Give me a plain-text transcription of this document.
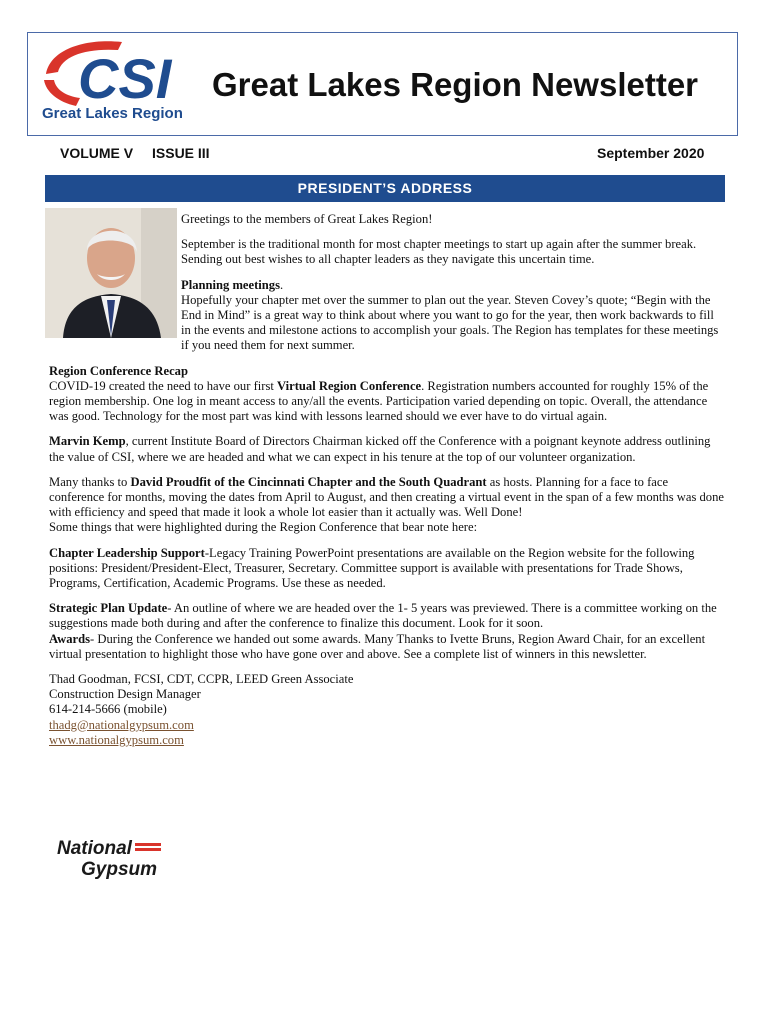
CSI
Great Lakes Region
Great Lakes Region Newsletter
VOLUME V ISSUE III	September 2020
PRESIDENT’S ADDRESS

Greetings to the members of Great Lakes Region!

September is the traditional month for most chapter meetings to start up again after the summer break. Sending out best wishes to all chapter leaders as they navigate this uncertain time.

Planning meetings.
Hopefully your chapter met over the summer to plan out the year. Steven Covey’s quote; “Begin with the End in Mind” is a great way to think about where you want to go for the year, then work backwards to fill in the events and milestone actions to accomplish your goals. The Region has templates for these meetings if you need them for next summer.

Region Conference Recap
COVID-19 created the need to have our first Virtual Region Conference. Registration numbers accounted for roughly 15% of the region membership. One log in meant access to any/all the events. Participation varied depending on topic. Overall, the attendance was good. Technology for the most part was kind with lessons learned should we ever have to do virtual again.

Marvin Kemp, current Institute Board of Directors Chairman kicked off the Conference with a poignant keynote address outlining the value of CSI, where we are headed and what we can expect in his tenure at the top of our volunteer organization.

Many thanks to David Proudfit of the Cincinnati Chapter and the South Quadrant as hosts. Planning for a face to face conference for months, moving the dates from April to August, and then creating a virtual event in the span of a few months was done with efficiency and speed that made it look a whole lot easier than it actually was. Well Done!
Some things that were highlighted during the Region Conference that bear note here:

Chapter Leadership Support-Legacy Training PowerPoint presentations are available on the Region website for the following positions: President/President-Elect, Treasurer, Secretary. Committee support is available with presentations for Trade Shows, Programs, Certification, Academic Programs. Use these as needed.

Strategic Plan Update- An outline of where we are headed over the 1- 5 years was previewed. There is a committee working on the suggestions made both during and after the conference to finalize this document. Look for it soon.
Awards- During the Conference we handed out some awards. Many Thanks to Ivette Bruns, Region Award Chair, for an excellent virtual presentation to highlight those who have gone over and above. See a complete list of winners in this newsletter.

Thad Goodman, FCSI, CDT, CCPR, LEED Green Associate
Construction Design Manager
614-214-5666 (mobile)
thadg@nationalgypsum.com
www.nationalgypsum.com

National
Gypsum
